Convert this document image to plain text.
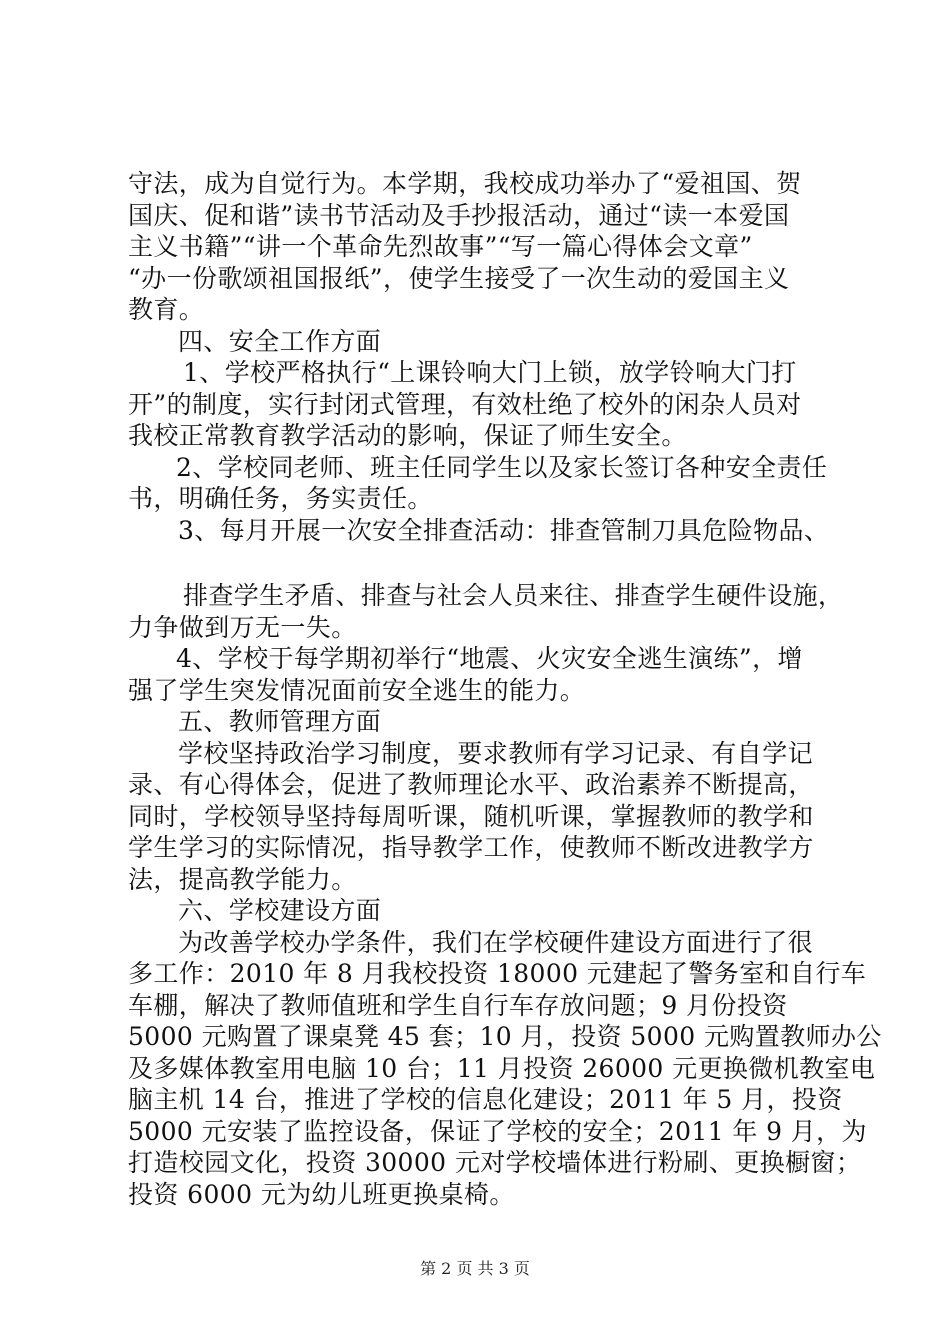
守法，成为自觉行为。本学期，我校成功举办了“爱祖国、贺
国庆、促和谐”读书节活动及手抄报活动，通过“读一本爱国
主义书籍”“讲一个革命先烈故事”“写一篇心得体会文章”
“办一份歌颂祖国报纸”，使学生接受了一次生动的爱国主义
教育。
四、安全工作方面
1、学校严格执行“上课铃响大门上锁，放学铃响大门打
开”的制度，实行封闭式管理，有效杜绝了校外的闲杂人员对
我校正常教育教学活动的影响，保证了师生安全。
2、学校同老师、班主任同学生以及家长签订各种安全责任
书，明确任务，务实责任。
3、每月开展一次安全排查活动：排查管制刀具危险物品、
排查学生矛盾、排查与社会人员来往、排查学生硬件设施，
力争做到万无一失。
4、学校于每学期初举行“地震、火灾安全逃生演练”，增
强了学生突发情况面前安全逃生的能力。
五、教师管理方面
学校坚持政治学习制度，要求教师有学习记录、有自学记
录、有心得体会，促进了教师理论水平、政治素养不断提高，
同时，学校领导坚持每周听课，随机听课，掌握教师的教学和
学生学习的实际情况，指导教学工作，使教师不断改进教学方
法，提高教学能力。
六、学校建设方面
为改善学校办学条件，我们在学校硬件建设方面进行了很
多工作：2010 年 8 月我校投资 18000 元建起了警务室和自行车
车棚，解决了教师值班和学生自行车存放问题；9 月份投资
5000 元购置了课桌凳 45 套；10 月，投资 5000 元购置教师办公
及多媒体教室用电脑 10 台；11 月投资 26000 元更换微机教室电
脑主机 14 台，推进了学校的信息化建设；2011 年 5 月，投资
5000 元安装了监控设备，保证了学校的安全；2011 年 9 月，为
打造校园文化，投资 30000 元对学校墙体进行粉刷、更换橱窗；
投资 6000 元为幼儿班更换桌椅。
第 2 页 共 3 页
